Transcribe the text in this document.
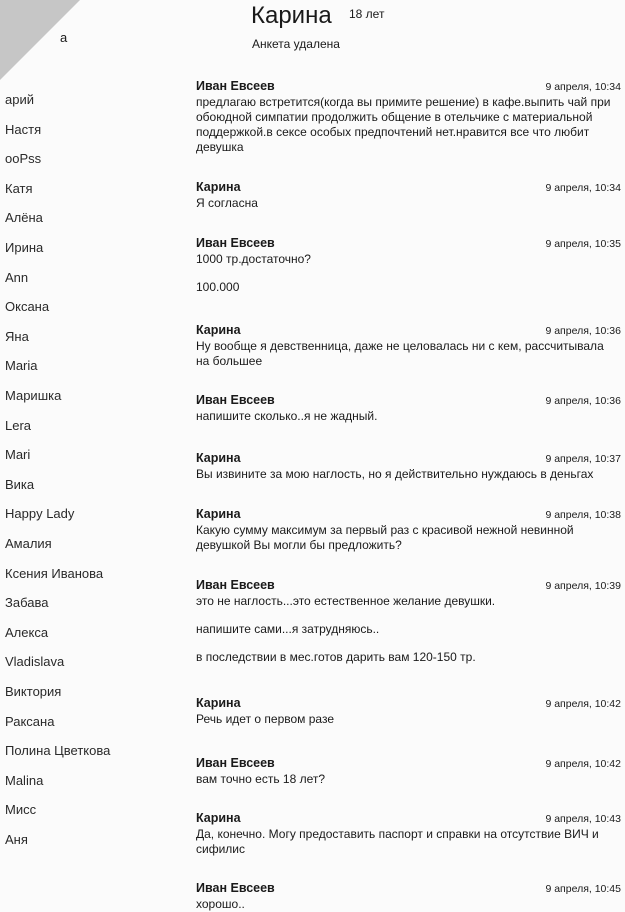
а
Карина 18 лет
Анкета удалена
арий
Настя
ooPss
Катя
Алёна
Ирина
Ann
Оксана
Яна
Maria
Маришка
Lera
Mari
Вика
Happy Lady
Амалия
Ксения Иванова
Забава
Алекса
Vladislava
Виктория
Раксана
Полина Цветкова
Malina
Мисс
Аня
Иван Евсеев	9 апреля, 10:34
предлагаю встретится(когда вы примите решение) в кафе.выпить чай при
обоюдной симпатии продолжить общение в отельчике с материальной
поддержкой.в сексе особых предпочтений нет.нравится все что любит
девушка
Карина	9 апреля, 10:34
Я согласна
Иван Евсеев	9 апреля, 10:35
1000 тр.достаточно?
100.000
Карина	9 апреля, 10:36
Ну вообще я девственница, даже не целовалась ни с кем, рассчитывала
на большее
Иван Евсеев	9 апреля, 10:36
напишите сколько..я не жадный.
Карина	9 апреля, 10:37
Вы извините за мою наглость, но я действительно нуждаюсь в деньгах
Карина	9 апреля, 10:38
Какую сумму максимум за первый раз с красивой нежной невинной
девушкой Вы могли бы предложить?
Иван Евсеев	9 апреля, 10:39
это не наглость...это естественное желание девушки.
напишите сами...я затрудняюсь..
в последствии в мес.готов дарить вам 120-150 тр.
Карина	9 апреля, 10:42
Речь идет о первом разе
Иван Евсеев	9 апреля, 10:42
вам точно есть 18 лет?
Карина	9 апреля, 10:43
Да, конечно. Могу предоставить паспорт и справки на отсутствие ВИЧ и
сифилис
Иван Евсеев	9 апреля, 10:45
хорошо..
